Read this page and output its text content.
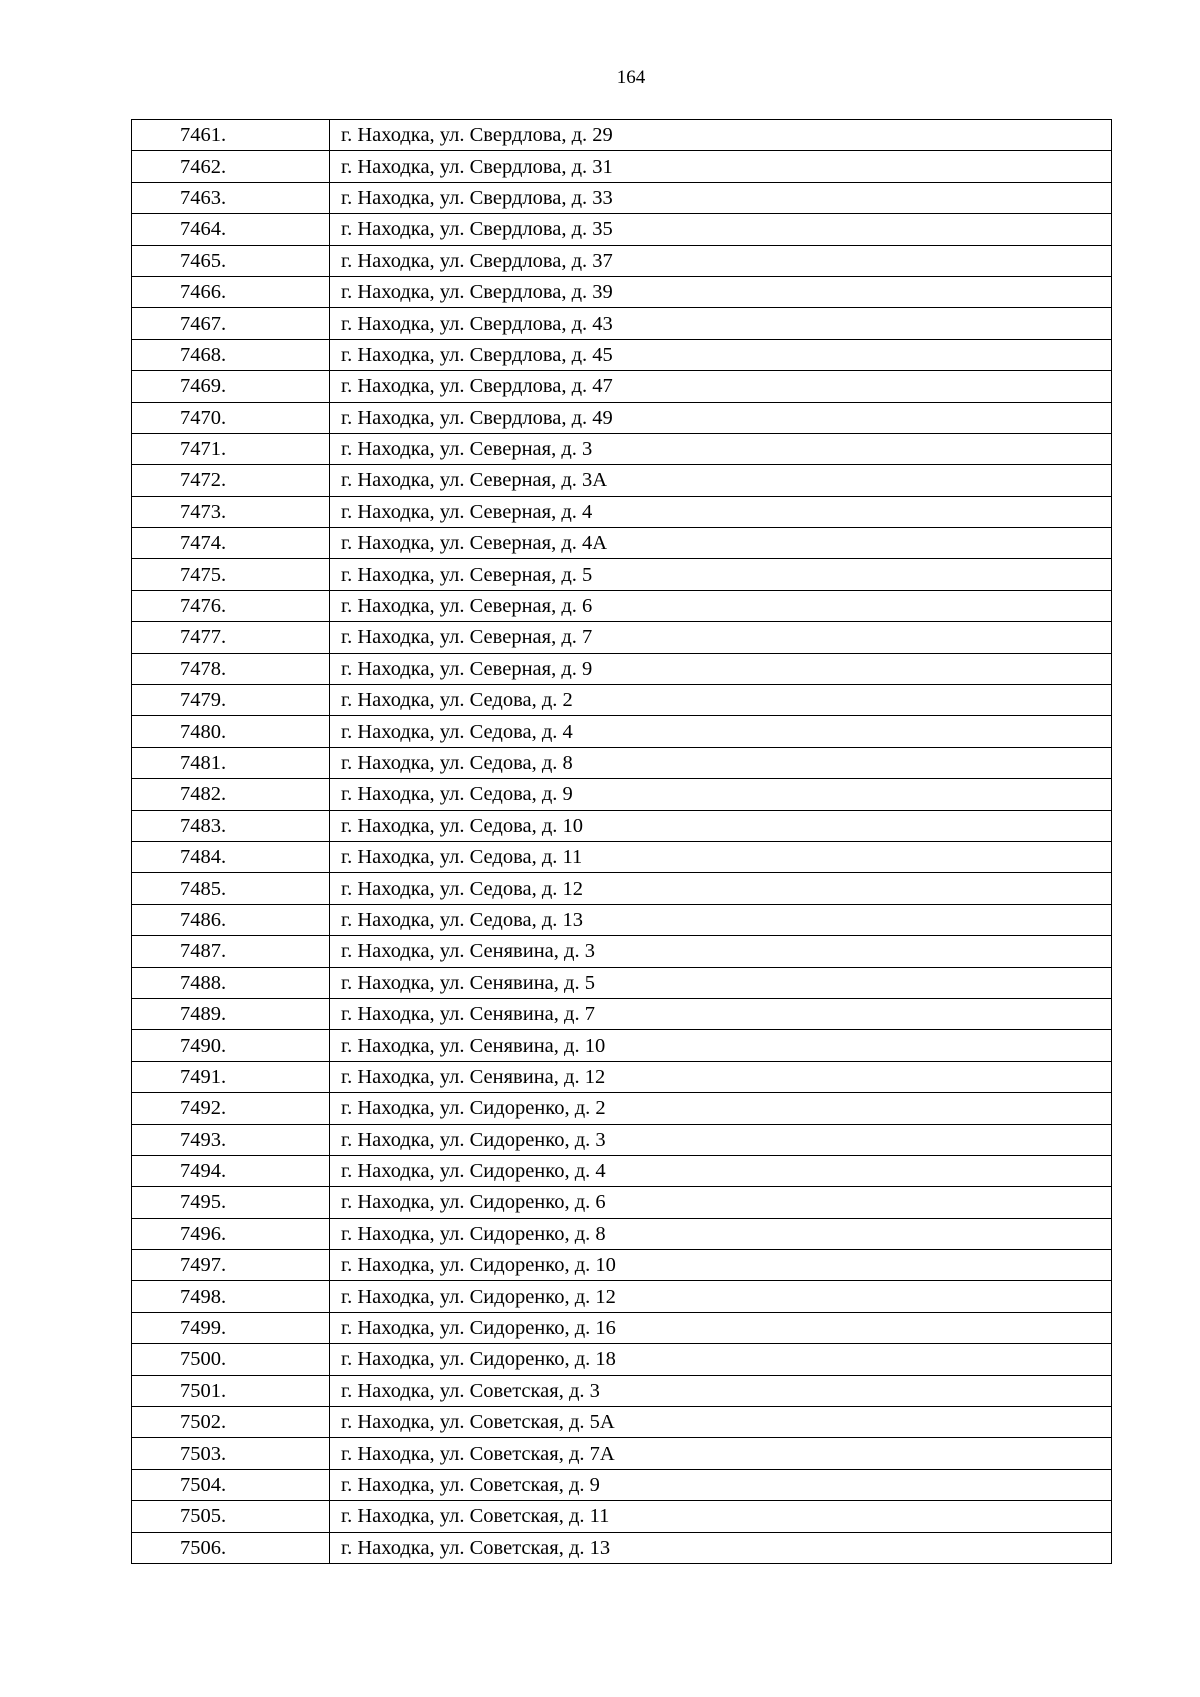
164
7461.	г. Находка, ул. Свердлова, д. 29
7462.	г. Находка, ул. Свердлова, д. 31
7463.	г. Находка, ул. Свердлова, д. 33
7464.	г. Находка, ул. Свердлова, д. 35
7465.	г. Находка, ул. Свердлова, д. 37
7466.	г. Находка, ул. Свердлова, д. 39
7467.	г. Находка, ул. Свердлова, д. 43
7468.	г. Находка, ул. Свердлова, д. 45
7469.	г. Находка, ул. Свердлова, д. 47
7470.	г. Находка, ул. Свердлова, д. 49
7471.	г. Находка, ул. Северная, д. 3
7472.	г. Находка, ул. Северная, д. 3А
7473.	г. Находка, ул. Северная, д. 4
7474.	г. Находка, ул. Северная, д. 4А
7475.	г. Находка, ул. Северная, д. 5
7476.	г. Находка, ул. Северная, д. 6
7477.	г. Находка, ул. Северная, д. 7
7478.	г. Находка, ул. Северная, д. 9
7479.	г. Находка, ул. Седова, д. 2
7480.	г. Находка, ул. Седова, д. 4
7481.	г. Находка, ул. Седова, д. 8
7482.	г. Находка, ул. Седова, д. 9
7483.	г. Находка, ул. Седова, д. 10
7484.	г. Находка, ул. Седова, д. 11
7485.	г. Находка, ул. Седова, д. 12
7486.	г. Находка, ул. Седова, д. 13
7487.	г. Находка, ул. Сенявина, д. 3
7488.	г. Находка, ул. Сенявина, д. 5
7489.	г. Находка, ул. Сенявина, д. 7
7490.	г. Находка, ул. Сенявина, д. 10
7491.	г. Находка, ул. Сенявина, д. 12
7492.	г. Находка, ул. Сидоренко, д. 2
7493.	г. Находка, ул. Сидоренко, д. 3
7494.	г. Находка, ул. Сидоренко, д. 4
7495.	г. Находка, ул. Сидоренко, д. 6
7496.	г. Находка, ул. Сидоренко, д. 8
7497.	г. Находка, ул. Сидоренко, д. 10
7498.	г. Находка, ул. Сидоренко, д. 12
7499.	г. Находка, ул. Сидоренко, д. 16
7500.	г. Находка, ул. Сидоренко, д. 18
7501.	г. Находка, ул. Советская, д. 3
7502.	г. Находка, ул. Советская, д. 5А
7503.	г. Находка, ул. Советская, д. 7А
7504.	г. Находка, ул. Советская, д. 9
7505.	г. Находка, ул. Советская, д. 11
7506.	г. Находка, ул. Советская, д. 13
